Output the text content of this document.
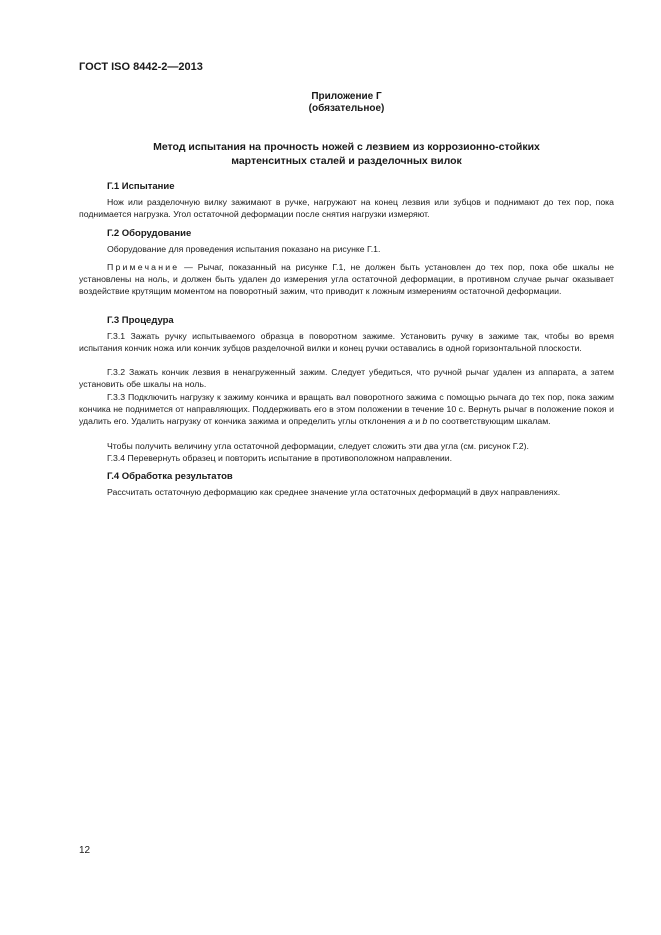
ГОСТ ISO 8442-2—2013
Приложение Г
(обязательное)
Метод испытания на прочность ножей с лезвием из коррозионно-стойких
мартенситных сталей и разделочных вилок
Г.1 Испытание
Нож или разделочную вилку зажимают в ручке, нагружают на конец лезвия или зубцов и поднимают до тех пор, пока поднимается нагрузка. Угол остаточной деформации после снятия нагрузки измеряют.
Г.2 Оборудование
Оборудование для проведения испытания показано на рисунке Г.1.
Примечание — Рычаг, показанный на рисунке Г.1, не должен быть установлен до тех пор, пока обе шкалы не установлены на ноль, и должен быть удален до измерения угла остаточной деформации, в противном случае рычаг оказывает воздействие крутящим моментом на поворотный зажим, что приводит к ложным измерениям остаточной деформации.
Г.3 Процедура
Г.3.1 Зажать ручку испытываемого образца в поворотном зажиме. Установить ручку в зажиме так, чтобы во время испытания кончик ножа или кончик зубцов разделочной вилки и конец ручки оставались в одной горизонтальной плоскости.
Г.3.2 Зажать кончик лезвия в ненагруженный зажим. Следует убедиться, что ручной рычаг удален из аппарата, а затем установить обе шкалы на ноль.
Г.3.3 Подключить нагрузку к зажиму кончика и вращать вал поворотного зажима с помощью рычага до тех пор, пока зажим кончика не поднимется от направляющих. Поддерживать его в этом положении в течение 10 с. Вернуть рычаг в положение покоя и удалить его. Удалить нагрузку от кончика зажима и определить углы отклонения a и b по соответствующим шкалам.
Чтобы получить величину угла остаточной деформации, следует сложить эти два угла (см. рисунок Г.2).
Г.3.4 Перевернуть образец и повторить испытание в противоположном направлении.
Г.4 Обработка результатов
Рассчитать остаточную деформацию как среднее значение угла остаточных деформаций в двух направлениях.
12
